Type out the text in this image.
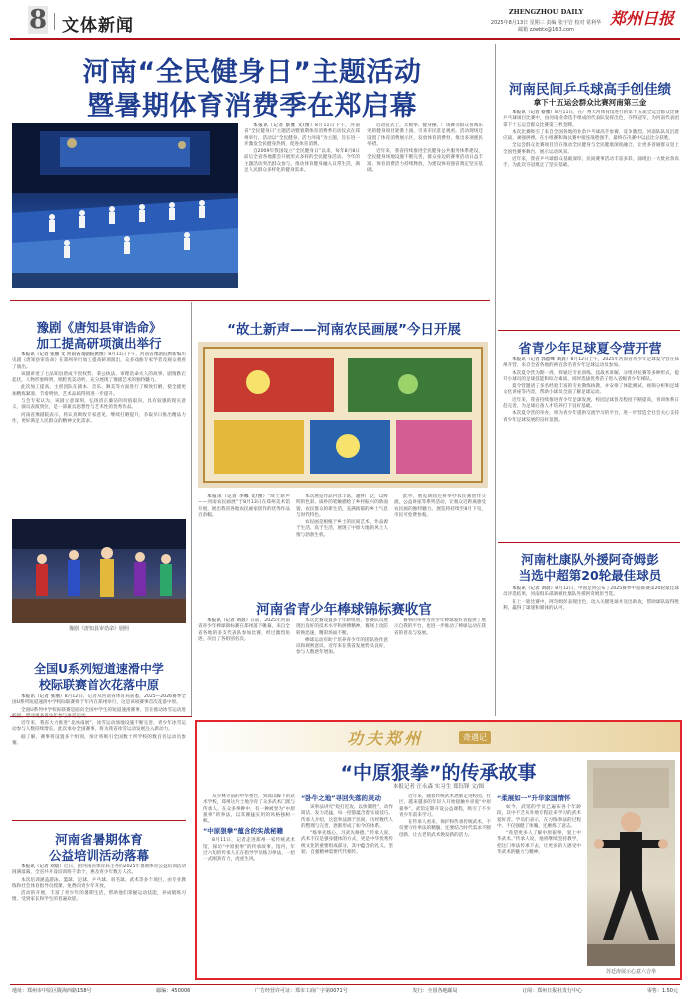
8 文体新闻
ZHENGZHOU DAILY
2025年8月13日 星期三 责编 张宇岩 校对 常利华
邮箱 zzwbtx@163.com
郑州日报
河南“全民健身日”主题活动
暨暑期体育消费季在郑启幕

本报讯（记者 蔡雅 文/图）8月11日下午，河南省“全民健身日”主题活动暨暑期体育消费季启动仪式在郑州举行，活动以“全民健身、活力河南”为主题，旨在进一步激发全民健身热情，促进体育消费。

自2009年我国设立“全民健身日”以来，每年8月8日前后全省各地都会开展形式多样的全民健身活动。今年的主题活动突出群众参与，推动体育健身融入日常生活，满足人民群众多样化的健身需求。

启动仪式上，太极拳、健身操、广场舞等群众喜闻乐见的健身项目轮番上演，引来市民驻足观看。活动现场还设置了体育消费展示区，发放体育消费券，推出多项惠民举措。

近年来，我省持续推进全民健身公共服务体系建设，全民健身场地设施不断完善，群众身边的赛事活动日益丰富，体育消费活力持续释放，为建设体育强省奠定坚实基础。

河南民间乒乓球高手创佳绩
拿下十五运会群众比赛河南第三金

本报讯（记者 蔡雅）8月11日，在广州天河体育馆进行的第十五届全运会群众比赛乒乓球项目比赛中，由河南业余选手组成的代表队发挥出色，夺得冠军，为河南代表团拿下十五运会群众比赛第三枚金牌。

本次比赛吸引了来自全国各地的业余乒乓球高手参赛，竞争激烈。河南队队员沉着应战，顽强拼搏，在小组赛和淘汰赛中接连战胜强手，最终在决赛中以总比分获胜。

全运会群众比赛项目旨在推动全民健身与全民健康深度融合，让更多普通群众登上全国性赛事舞台，展示运动风采。

近年来，我省乒乓球群众基础深厚，民间赛事活动丰富多彩，涌现出一大批业余高手，为此次夺冠奠定了坚实基础。

豫剧《唐知县审诰命》
加工提高研项演出举行

本报讯（记者 张丽 文 河南省戏剧院供图）8月11日下午，河南省豫剧院携新编历史剧《唐知县审诰命》在郑州举行加工提高研项演出，众多戏曲专家学者及观众观看了演出。

该剧讲述了七品知县唐成不畏权势、秉公执法、审理诰命夫人的故事，剧情跌宕起伏，人物形象鲜明，唱腔优美动听，充分展现了豫剧艺术的独特魅力。

此次加工提高，主创团队在剧本、音乐、舞美等方面进行了细致打磨，使全剧更加精炼紧凑、节奏明快，艺术品质得到进一步提升。

与会专家认为，该剧立意深刻，弘扬清正廉洁的价值取向，具有较强的现实意义，演员表演到位，是一部兼具思想性与艺术性的优秀作品。

河南省豫剧院表示，将认真吸收专家意见，继续打磨提升，争取早日推出精品力作，更好满足人民群众的精神文化需求。

豫剧《唐知县审诰命》剧照
“故土新声——河南农民画展”今日开展

本报讯（记者 李娜 文/图）“故土新声——河南农民画展”于8月13日在郑州美术馆开展，展出我省各地农民画家创作的优秀作品百余幅。

本次展览作品内容丰富，题材广泛，以鲜明的色彩、质朴的笔触描绘了乡村振兴的新面貌、农民群众的新生活，充满浓郁的乡土气息与时代特色。

农民画是根植于乡土的民间艺术，作品源于生活、高于生活，展现了中原大地的风土人情与勃勃生机。

此外，展览期间还将举办农民画创作交流、公益讲座等系列活动，让观众近距离感受农民画的独特魅力。展览将持续至8月下旬，市民可免费参观。

河南省青少年棒球锦标赛收官

本报讯（记者 刘晨）日前，2025年河南省青少年棒球锦标赛在郑州落下帷幕，来自全省各地的多支代表队参加比赛，经过激烈角逐，决出了各组别名次。

本次比赛设置多个年龄组别，参赛队员展现出良好的技术水平和拼搏精神，赛场上攻防转换迅速，精彩场面不断。

棒球运动有助于培养青少年的团队协作意识和规则意识，近年来在我省发展势头良好，参与人数逐年增加。

赛事的举办为青少年棒球爱好者提供了展示自我的平台，也进一步推动了棒球运动在我省的普及与发展。

省青少年足球夏令营开营

本报讯（记者 郭韶峰 刘晨）8月12日上午，2025年河南省青少年足球夏令营在郑州开营，来自全省各地的两百余名青少年足球运动员参加。

本次夏令营为期一周，将通过专业训练、技战术讲解、分组对抗赛等多种形式，提升小球员的足球技能和综合素质，同时选拔优秀苗子进入省级青少年梯队。

夏令营邀请了多名经验丰富的专业教练执教，并安排了体能测试、视频分析和足球文化讲座等内容，帮助小球员全面了解足球运动。

近年来，我省持续推进青少年足球发展，校园足球普及程度不断提高，青训体系日趋完善，为足球后备人才培养打下良好基础。

本次夏令营的举办，将为青少年提供交流学习的平台，进一步营造全社会关心支持青少年足球发展的良好氛围。

河南杜康队外援阿奇姆彭
当选中超第20轮最佳球员

本报讯（记者 刘晨）8月12日，中国足协公布了2025赛季中超联赛第20轮最佳球员评选结果，河南俱乐部酒祖杜康队外援阿奇姆彭当选。

在上一轮比赛中，阿奇姆彭表现出色，攻入关键进球并送出助攻，帮助球队取得胜利，赢得了球迷和媒体的认可。

全国U系列短道速滑中学
校际联赛首次花落中原

本报讯（记者 张丽）8月12日，记者从河南省体育局获悉，2025—2026赛季全国U系列短道速滑中学校际联赛将于年内在郑州举行，这是该项赛事首次花落中原。

全国U系列中学校际联赛是面向全国中学生的短道速滑赛事，旨在推动冰雪运动进校园，带动更多青少年参与冰雪运动。

近年来，我省大力推进“北冰南展”，冰雪运动场地设施不断完善，青少年冰雪运动参与人数持续增长。此次承办全国赛事，将为我省冰雪运动发展注入新动力。

据了解，赛事将设置多个组别，预计将吸引全国数十所学校的数百名运动员参赛。

河南省暑期体育
公益培训活动落幕

本报讯（记者 刘晨）近日，由河南省体育局主办的2025年暑期体育公益培训活动圆满落幕，全省共开设培训班千余个，惠及青少年数万人次。

本次培训涵盖游泳、篮球、足球、乒乓球、羽毛球、武术等多个项目，由专业教练和社会体育指导员授课，免费向青少年开放。

活动的开展，丰富了青少年的暑期生活，帮助他们掌握运动技能，养成锻炼习惯，受到家长和学生的普遍欢迎。

功夫郑州	奇遇记
“中原狠拳”的传承故事
本报记者 汪永森 实习生 郑钰锋 文/图

从少林寺前的中华香台，到嵩山脚下的武术学校，郑州这片土地孕育了众多武术门派与传承人。在众多拳种中，有一种被誉为“中原狠拳”的拳法，以其刚猛实用的风格独树一帜。

“中原狠拳”蕴含的实战秘籍

8月11日，记者走进郑州一家传统武术馆，探访“中原狠拳”的传承故事。馆内，年过六旬的传承人正在指导学员练习拳法，一招一式刚劲有力，虎虎生风。

“卧牛之地”寻回失落的灵动

该拳法讲究“短打近攻、以快制胜”，动作简洁、发力迅猛，每一招都蕴含着实战技巧。传承人介绍，这套拳法源于民间，历经数代人的整理与完善，逐渐形成了如今的体系。

“练拳先练心，习武先修德。”传承人说，武术不仅是强身健体的方式，更是中华优秀传统文化的重要组成部分，其中蕴含的礼义、坚韧、自强精神需要代代相传。

近年来，随着传统武术逐渐走进校园、社区，越来越多的年轻人开始接触并喜爱“中原狠拳”。武馆定期开设公益课程，吸引了不少青少年前来学习。

在传承人看来，保护和传承传统武术，不仅要守住拳法的精髓，还要结合时代需求不断创新，让古老的武术焕发新的活力。

“柔展如一”升华家国情怀

如今，武馆的学员已遍布各个年龄段，其中不乏从外地专程赶来学习的武术爱好者。学员们表示，在习练拳法的过程中，不仅强健了体魄，还磨炼了意志。

“希望更多人了解中原狠拳，爱上中华武术。”传承人说，他将继续坚持教学，把这门拳法传承下去，让更多的人感受中华武术的魅力与精神。

苏廷涛展示心意六合拳
地址：郑州市中原区陇海西路158号	邮编：450006	广告经营许可证：郑市工商广字第0071号	发行：全国各地邮局	订阅：郑州日报社发行中心	零售：1.50元
